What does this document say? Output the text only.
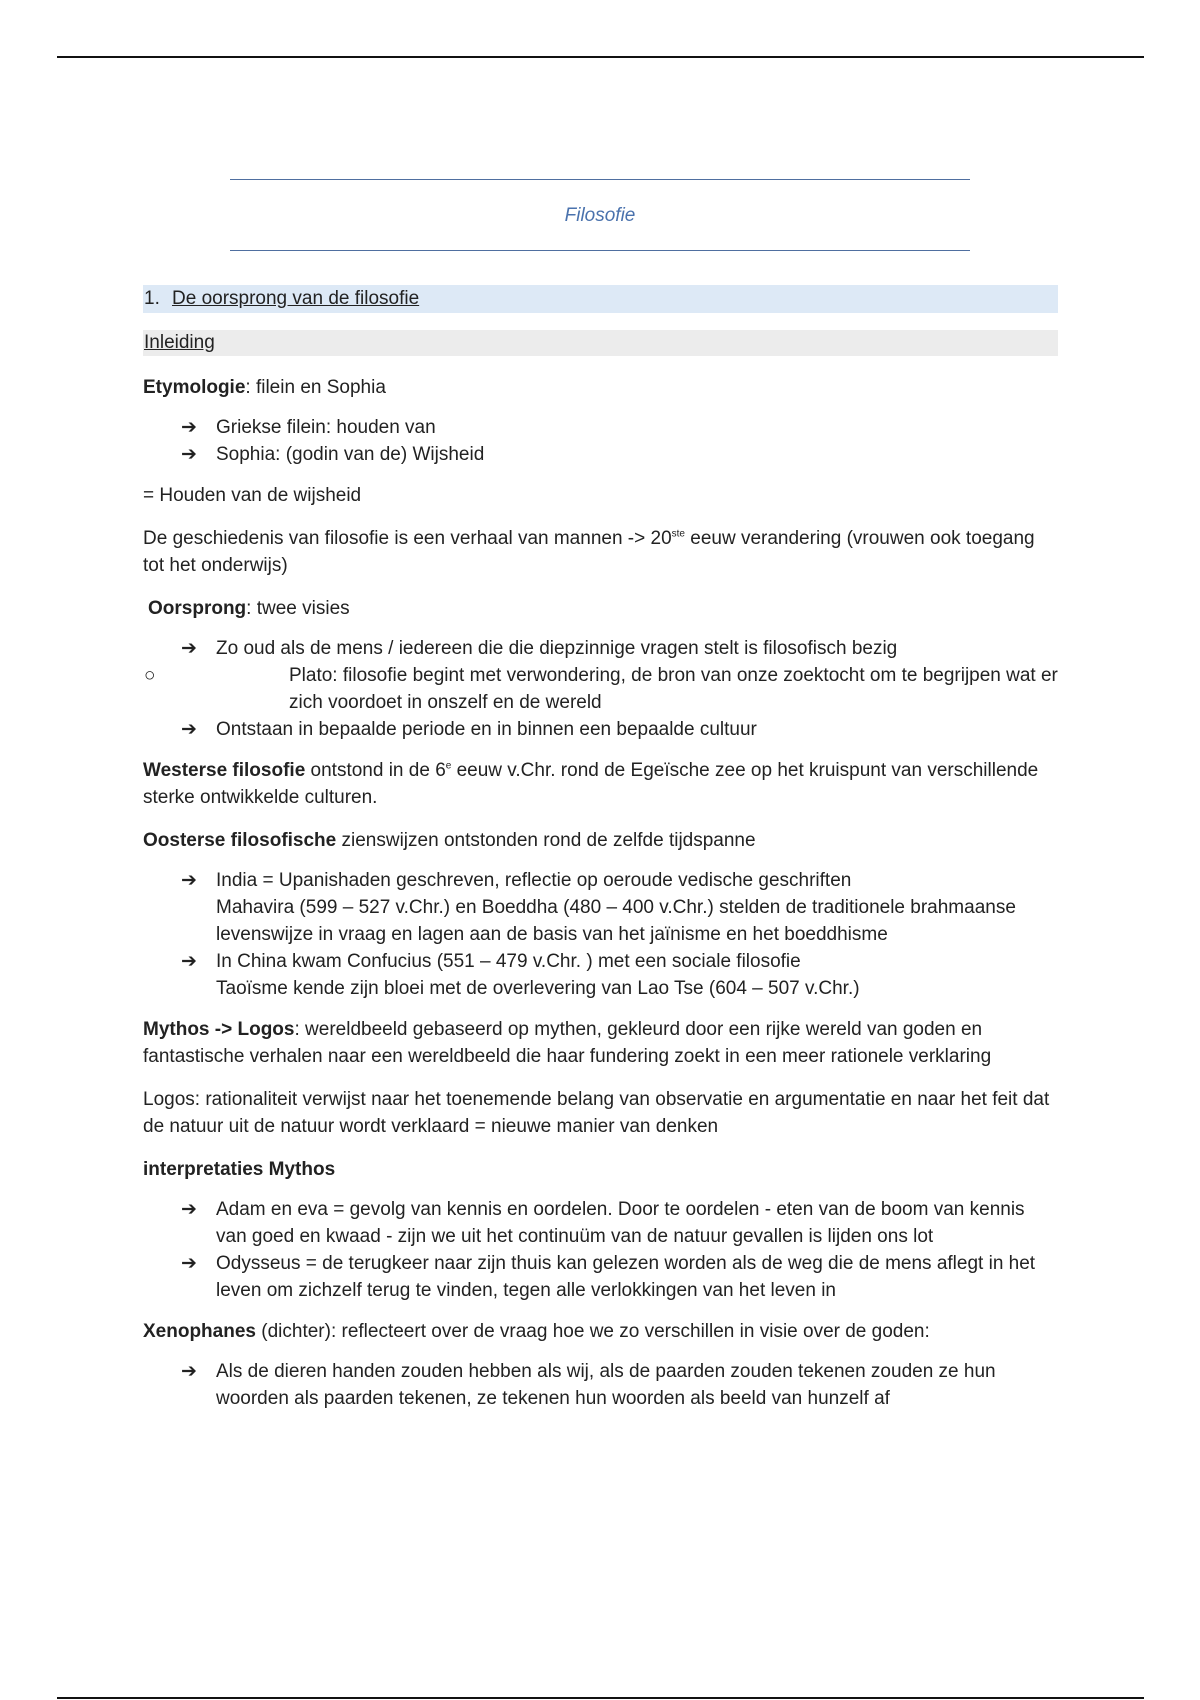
Filosofie
1. De oorsprong van de filosofie
Inleiding

Etymologie: filein en Sophia

➔ Griekse filein: houden van
➔ Sophia: (godin van de) Wijsheid

= Houden van de wijsheid

De geschiedenis van filosofie is een verhaal van mannen -> 20ste eeuw verandering (vrouwen ook toegang tot het onderwijs)

Oorsprong: twee visies

➔ Zo oud als de mens / iedereen die die diepzinnige vragen stelt is filosofisch bezig
○	Plato: filosofie begint met verwondering, de bron van onze zoektocht om te begrijpen wat er zich voordoet in onszelf en de wereld
➔ Ontstaan in bepaalde periode en in binnen een bepaalde cultuur

Westerse filosofie ontstond in de 6e eeuw v.Chr. rond de Egeïsche zee op het kruispunt van verschillende sterke ontwikkelde culturen.

Oosterse filosofische zienswijzen ontstonden rond de zelfde tijdspanne

➔ India = Upanishaden geschreven, reflectie op oeroude vedische geschriften
Mahavira (599 – 527 v.Chr.) en Boeddha (480 – 400 v.Chr.) stelden de traditionele brahmaanse levenswijze in vraag en lagen aan de basis van het jaïnisme en het boeddhisme
➔ In China kwam Confucius (551 – 479 v.Chr. ) met een sociale filosofie
Taoïsme kende zijn bloei met de overlevering van Lao Tse (604 – 507 v.Chr.)

Mythos -> Logos: wereldbeeld gebaseerd op mythen, gekleurd door een rijke wereld van goden en fantastische verhalen naar een wereldbeeld die haar fundering zoekt in een meer rationele verklaring

Logos: rationaliteit verwijst naar het toenemende belang van observatie en argumentatie en naar het feit dat de natuur uit de natuur wordt verklaard = nieuwe manier van denken

interpretaties Mythos

➔ Adam en eva = gevolg van kennis en oordelen. Door te oordelen - eten van de boom van kennis van goed en kwaad - zijn we uit het continuüm van de natuur gevallen is lijden ons lot
➔ Odysseus = de terugkeer naar zijn thuis kan gelezen worden als de weg die de mens aflegt in het leven om zichzelf terug te vinden, tegen alle verlokkingen van het leven in

Xenophanes (dichter): reflecteert over de vraag hoe we zo verschillen in visie over de goden:

➔ Als de dieren handen zouden hebben als wij, als de paarden zouden tekenen zouden ze hun woorden als paarden tekenen, ze tekenen hun woorden als beeld van hunzelf af
